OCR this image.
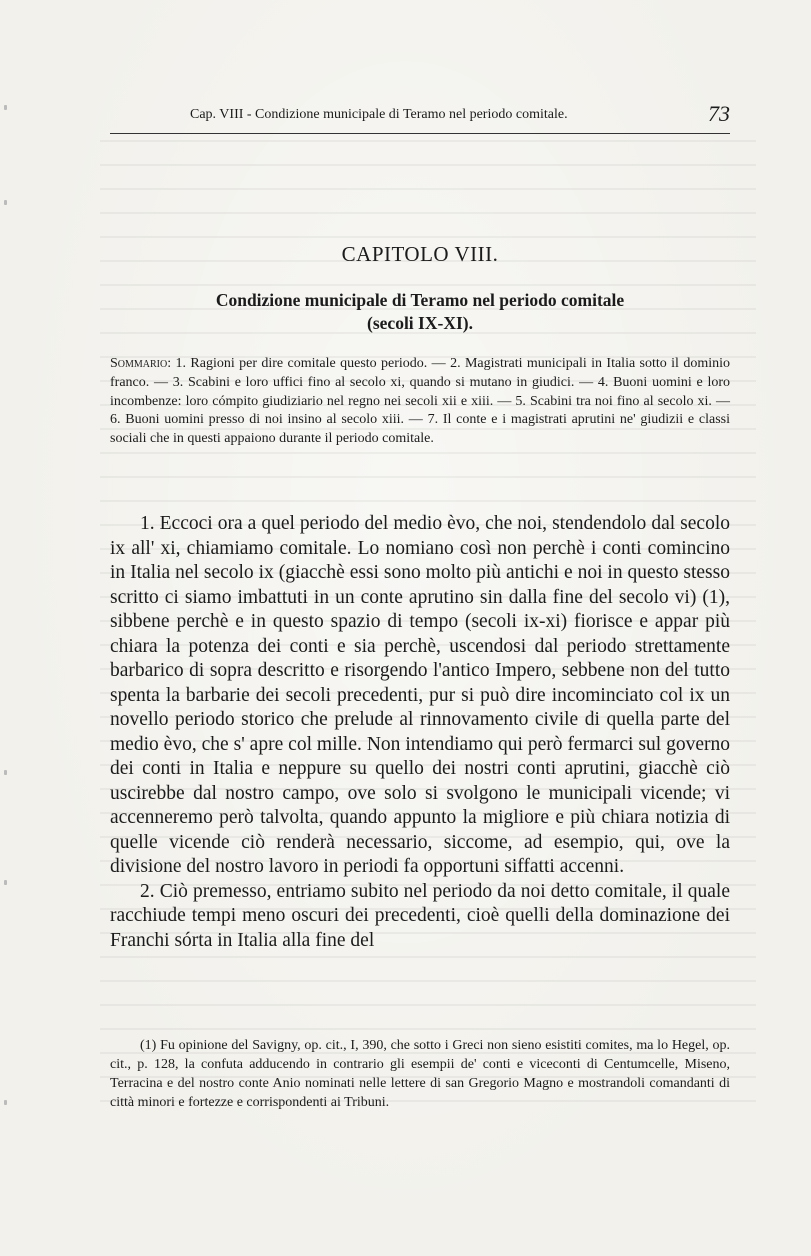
Cap. VIII - Condizione municipale di Teramo nel periodo comitale.	73
CAPITOLO VIII.
Condizione municipale di Teramo nel periodo comitale
(secoli IX-XI).

Sommario: 1. Ragioni per dire comitale questo periodo. — 2. Magistrati municipali in Italia sotto il dominio franco. — 3. Scabini e loro uffici fino al secolo xi, quando si mutano in giudici. — 4. Buoni uomini e loro incombenze: loro cómpito giudiziario nel regno nei secoli xii e xiii. — 5. Scabini tra noi fino al secolo xi. — 6. Buoni uomini presso di noi insino al secolo xiii. — 7. Il conte e i magistrati aprutini ne' giudizii e classi sociali che in questi appaiono durante il periodo comitale.

1. Eccoci ora a quel periodo del medio èvo, che noi, stendendolo dal secolo ix all' xi, chiamiamo comitale. Lo nomiano così non perchè i conti comincino in Italia nel secolo ix (giacchè essi sono molto più antichi e noi in questo stesso scritto ci siamo imbattuti in un conte aprutino sin dalla fine del secolo vi) (1), sibbene perchè e in questo spazio di tempo (secoli ix-xi) fiorisce e appar più chiara la potenza dei conti e sia perchè, uscendosi dal periodo strettamente barbarico di sopra descritto e risorgendo l'antico Impero, sebbene non del tutto spenta la barbarie dei secoli precedenti, pur si può dire incominciato col ix un novello periodo storico che prelude al rinnovamento civile di quella parte del medio èvo, che s' apre col mille. Non intendiamo qui però fermarci sul governo dei conti in Italia e neppure su quello dei nostri conti aprutini, giacchè ciò uscirebbe dal nostro campo, ove solo si svolgono le municipali vicende; vi accenneremo però talvolta, quando appunto la migliore e più chiara notizia di quelle vicende ciò renderà necessario, siccome, ad esempio, qui, ove la divisione del nostro lavoro in periodi fa opportuni siffatti accenni.

2. Ciò premesso, entriamo subito nel periodo da noi detto comitale, il quale racchiude tempi meno oscuri dei precedenti, cioè quelli della dominazione dei Franchi sórta in Italia alla fine del

(1) Fu opinione del Savigny, op. cit., I, 390, che sotto i Greci non sieno esistiti comites, ma lo Hegel, op. cit., p. 128, la confuta adducendo in contrario gli esempii de' conti e viceconti di Centumcelle, Miseno, Terracina e del nostro conte Anio nominati nelle lettere di san Gregorio Magno e mostrandoli comandanti di città minori e fortezze e corrispondenti ai Tribuni.
